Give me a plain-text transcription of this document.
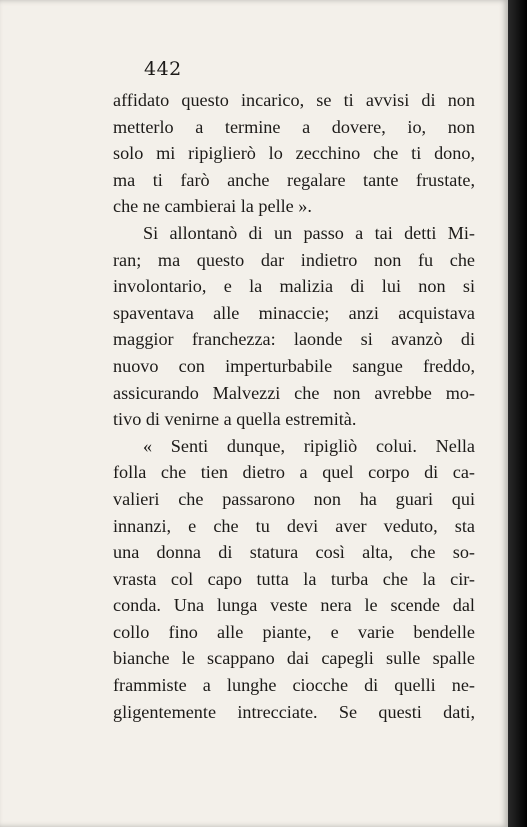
442
affidato questo incarico, se ti avvisi di non
metterlo a termine a dovere, io, non
solo mi ripiglierò lo zecchino che ti dono,
ma ti farò anche regalare tante frustate,
che ne cambierai la pelle ».
Si allontanò di un passo a tai detti Mi-
ran; ma questo dar indietro non fu che
involontario, e la malizia di lui non si
spaventava alle minaccie; anzi acquistava
maggior franchezza: laonde si avanzò di
nuovo con imperturbabile sangue freddo,
assicurando Malvezzi che non avrebbe mo-
tivo di venirne a quella estremità.
« Senti dunque, ripigliò colui. Nella
folla che tien dietro a quel corpo di ca-
valieri che passarono non ha guari qui
innanzi, e che tu devi aver veduto, sta
una donna di statura così alta, che so-
vrasta col capo tutta la turba che la cir-
conda. Una lunga veste nera le scende dal
collo fino alle piante, e varie bendelle
bianche le scappano dai capegli sulle spalle
frammiste a lunghe ciocche di quelli ne-
gligentemente intrecciate. Se questi dati,
